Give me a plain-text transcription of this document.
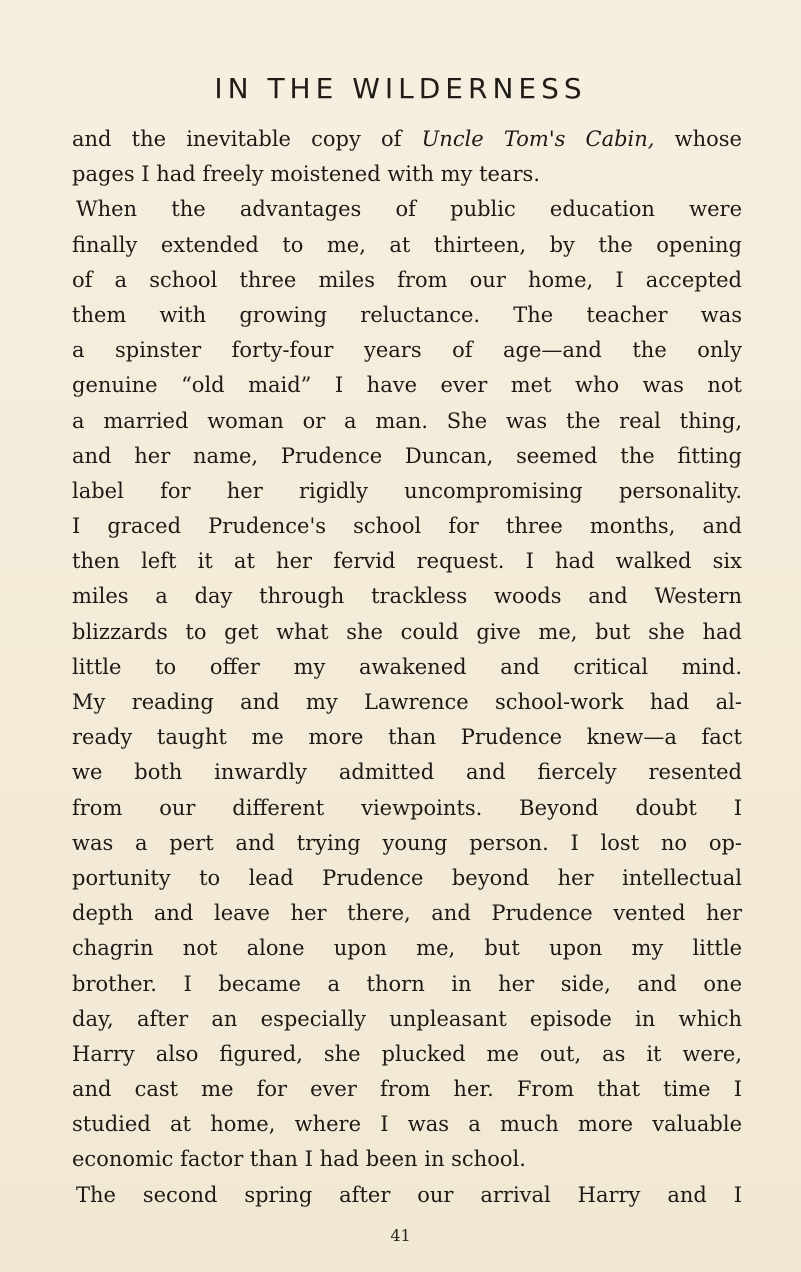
IN THE WILDERNESS
and the inevitable copy of Uncle Tom's Cabin, whose
pages I had freely moistened with my tears.
When the advantages of public education were
finally extended to me, at thirteen, by the opening
of a school three miles from our home, I accepted
them with growing reluctance. The teacher was
a spinster forty-four years of age—and the only
genuine “old maid” I have ever met who was not
a married woman or a man. She was the real thing,
and her name, Prudence Duncan, seemed the fitting
label for her rigidly uncompromising personality.
I graced Prudence's school for three months, and
then left it at her fervid request. I had walked six
miles a day through trackless woods and Western
blizzards to get what she could give me, but she had
little to offer my awakened and critical mind.
My reading and my Lawrence school-work had al-
ready taught me more than Prudence knew—a fact
we both inwardly admitted and fiercely resented
from our different viewpoints. Beyond doubt I
was a pert and trying young person. I lost no op-
portunity to lead Prudence beyond her intellectual
depth and leave her there, and Prudence vented her
chagrin not alone upon me, but upon my little
brother. I became a thorn in her side, and one
day, after an especially unpleasant episode in which
Harry also figured, she plucked me out, as it were,
and cast me for ever from her. From that time I
studied at home, where I was a much more valuable
economic factor than I had been in school.
The second spring after our arrival Harry and I
41
